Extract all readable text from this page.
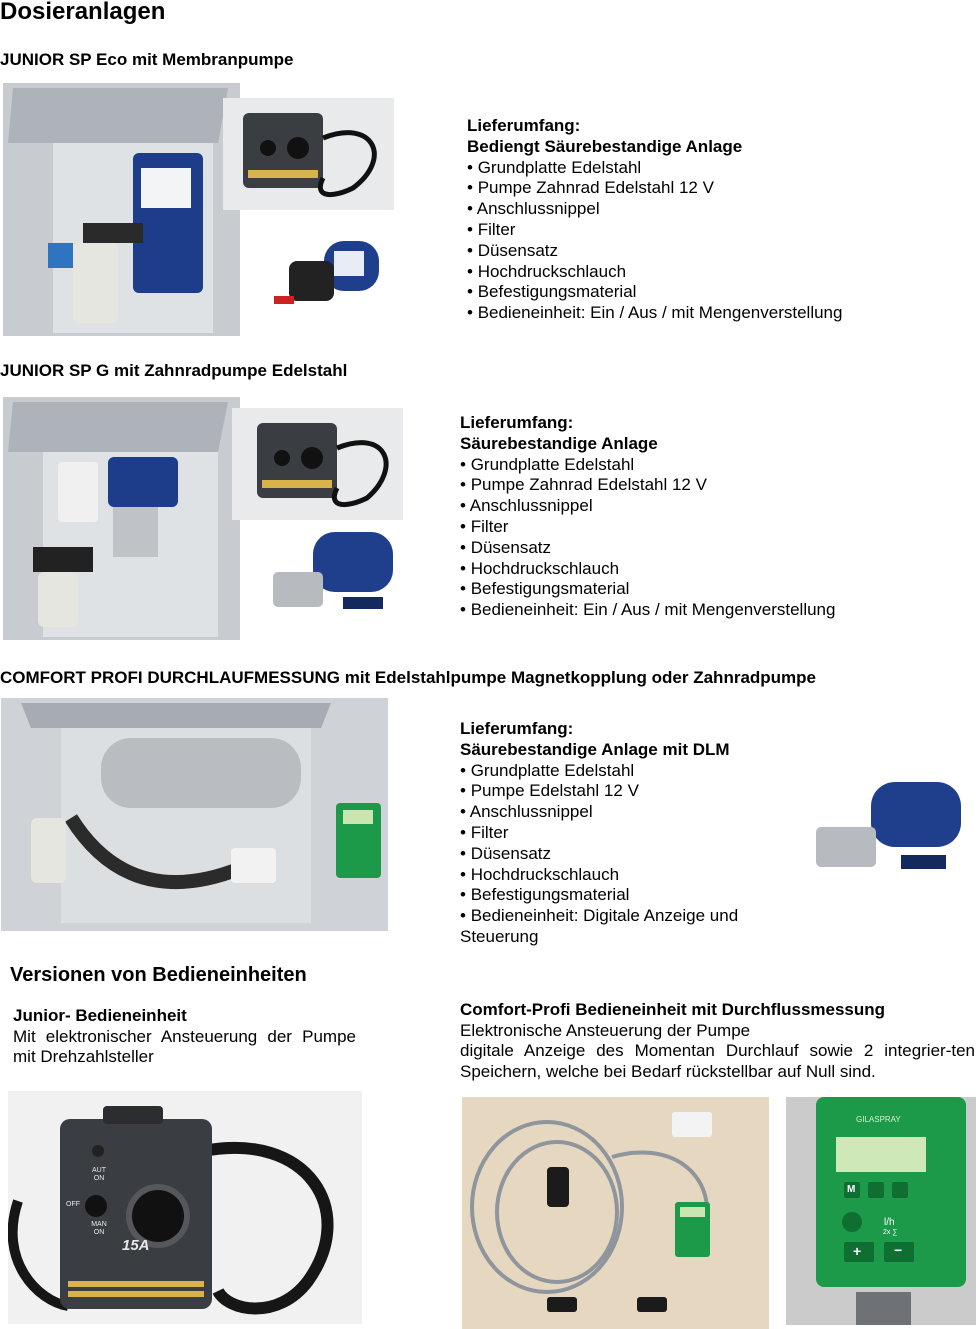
Dosieranlagen
JUNIOR SP Eco mit Membranpumpe
Lieferumfang:
Bediengt Säurebestandige Anlage
• Grundplatte Edelstahl
• Pumpe Zahnrad Edelstahl 12 V
• Anschlussnippel
• Filter
• Düsensatz
• Hochdruckschlauch
• Befestigungsmaterial
• Bedieneinheit: Ein / Aus / mit Mengenverstellung
JUNIOR SP G mit Zahnradpumpe Edelstahl
Lieferumfang:
Säurebestandige Anlage
• Grundplatte Edelstahl
• Pumpe Zahnrad Edelstahl 12 V
• Anschlussnippel
• Filter
• Düsensatz
• Hochdruckschlauch
• Befestigungsmaterial
• Bedieneinheit: Ein / Aus / mit Mengenverstellung
COMFORT PROFI DURCHLAUFMESSUNG mit Edelstahlpumpe Magnetkopplung oder Zahnradpumpe
Lieferumfang:
Säurebestandige Anlage mit DLM
• Grundplatte Edelstahl
• Pumpe Edelstahl 12 V
• Anschlussnippel
• Filter
• Düsensatz
• Hochdruckschlauch
• Befestigungsmaterial
• Bedieneinheit: Digitale Anzeige und Steuerung
Versionen von Bedieneinheiten
Junior- Bedieneinheit
Mit elektronischer Ansteuerung der Pumpe mit Drehzahlsteller
Comfort-Profi Bedieneinheit mit Durchflussmessung
Elektronische Ansteuerung der Pumpe
digitale Anzeige des Momentan Durchlauf sowie 2 integrier-ten Speichern, welche bei Bedarf rückstellbar auf Null sind.
AUT ON
OFF
MAN ON
15A
GILASPRAY
M
l/h
2x ∑
+ −
